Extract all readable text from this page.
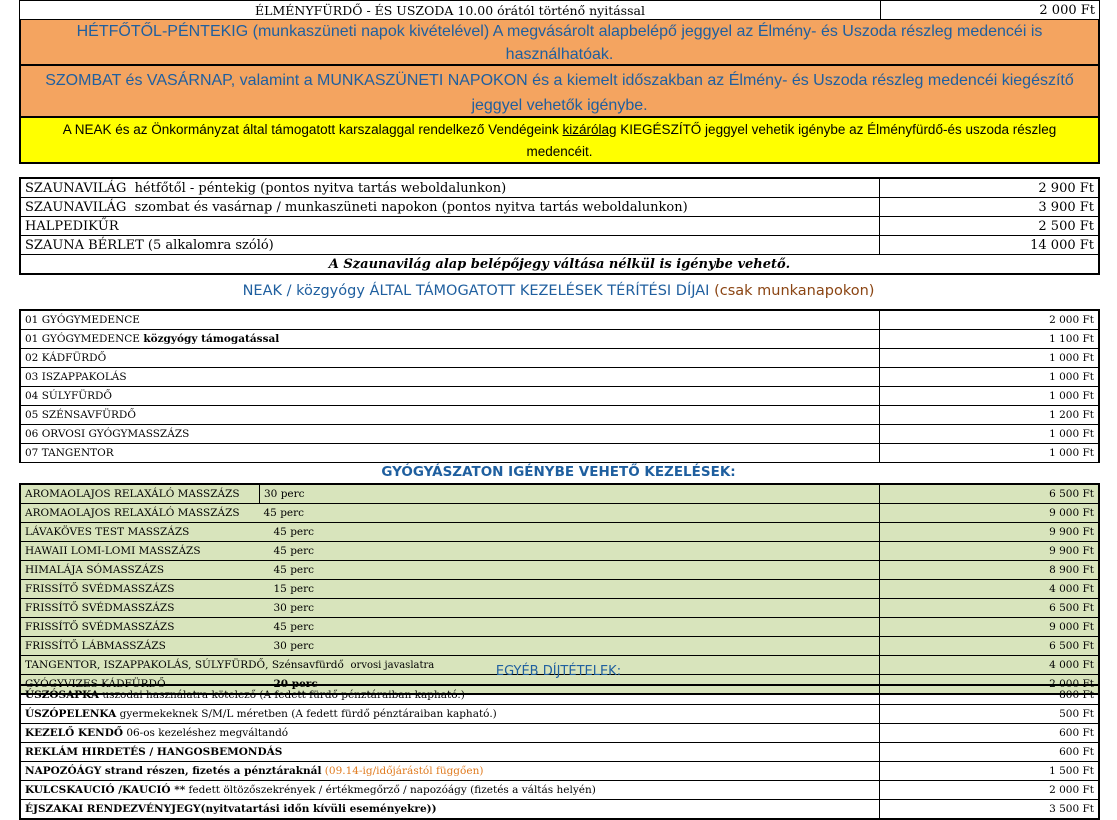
ÉLMÉNYFÜRDŐ - ÉS USZODA 10.00 órától történő nyitással	2 000 Ft
HÉTFŐTŐL-PÉNTEKIG (munkaszüneti napok kivételével) A megvásárolt alapbelépő jeggyel az Élmény- és Uszoda részleg medencéi is használhatóak.
SZOMBAT és VASÁRNAP, valamint a MUNKASZÜNETI NAPOKON és a kiemelt időszakban az Élmény- és Uszoda részleg medencéi kiegészítő jeggyel vehetők igénybe.
A NEAK és az Önkormányzat által támogatott karszalaggal rendelkező Vendégeink kizárólag KIEGÉSZÍTŐ jeggyel vehetik igénybe az Élményfürdő-és uszoda részleg medencéit.
SZAUNAVILÁG hétfőtől - péntekig (pontos nyitva tartás weboldalunkon)	2 900 Ft
SZAUNAVILÁG szombat és vasárnap / munkaszüneti napokon (pontos nyitva tartás weboldalunkon)	3 900 Ft
HALPEDIKŰR	2 500 Ft
SZAUNA BÉRLET (5 alkalomra szóló)	14 000 Ft
A Szaunavilág alap belépőjegy váltása nélkül is igénybe vehető.	
NEAK / közgyógy ÁLTAL TÁMOGATOTT KEZELÉSEK TÉRÍTÉSI DÍJAI (csak munkanapokon)
01 GYÓGYMEDENCE	2 000 Ft
01 GYÓGYMEDENCE közgyógy támogatással	1 100 Ft
02 KÁDFÜRDŐ	1 000 Ft
03 ISZAPPAKOLÁS	1 000 Ft
04 SÚLYFÜRDŐ	1 000 Ft
05 SZÉNSAVFÜRDŐ	1 200 Ft
06 ORVOSI GYÓGYMASSZÁZS	1 000 Ft
07 TANGENTOR	1 000 Ft
GYÓGYÁSZATON IGÉNYBE VEHETŐ KEZELÉSEK:
AROMAOLAJOS RELAXÁLÓ MASSZÁZS	30 perc	6 500 Ft
AROMAOLAJOS RELAXÁLÓ MASSZÁZS	45 perc	9 000 Ft
LÁVAKÖVES TEST MASSZÁZS	45 perc	9 900 Ft
HAWAII LOMI-LOMI MASSZÁZS	45 perc	9 900 Ft
HIMALÁJA SÓMASSZÁZS	45 perc	8 900 Ft
FRISSÍTŐ SVÉDMASSZÁZS	15 perc	4 000 Ft
FRISSÍTŐ SVÉDMASSZÁZS	30 perc	6 500 Ft
FRISSÍTŐ SVÉDMASSZÁZS	45 perc	9 000 Ft
FRISSÍTŐ LÁBMASSZÁZS	30 perc	6 500 Ft
TANGENTOR, ISZAPPAKOLÁS, SÚLYFÜRDŐ, Szénsavfürdő orvosi javaslatra		4 000 Ft
GYÓGYVIZES KÁDFÜRDŐ	20 perc	2 000 Ft
EGYÉB DÍJTÉTELEK:
ÚSZÓSAPKA uszodai használatra kötelező (A fedett fürdő pénztáraiban kapható.)	800 Ft
ÚSZÓPELENKA gyermekeknek S/M/L méretben (A fedett fürdő pénztáraiban kapható.)	500 Ft
KEZELŐ KENDŐ 06-os kezeléshez megváltandó	600 Ft
REKLÁM HIRDETÉS / HANGOSBEMONDÁS	600 Ft
NAPOZÓÁGY strand részen, fizetés a pénztáraknál (09.14-ig/időjárástól függően)	1 500 Ft
KULCSKAUCIÓ /KAUCIÓ ** fedett öltözőszekrények / értékmegőrző / napozóágy (fizetés a váltás helyén)	2 000 Ft
ÉJSZAKAI RENDEZVÉNYJEGY(nyitvatartási időn kívüli eseményekre))	3 500 Ft
